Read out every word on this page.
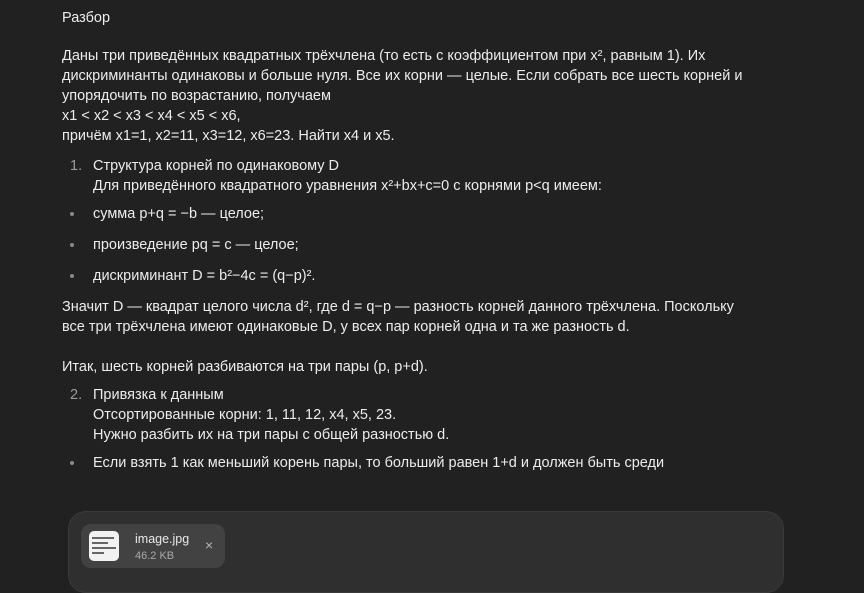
Разбор
Даны три приведённых квадратных трёхчлена (то есть с коэффициентом при x², равным 1). Их
дискриминанты одинаковы и больше нуля. Все их корни — целые. Если собрать все шесть корней и
упорядочить по возрастанию, получаем
x1 < x2 < x3 < x4 < x5 < x6,
причём x1=1, x2=11, x3=12, x6=23. Найти x4 и x5.
1. Структура корней по одинаковому D
Для приведённого квадратного уравнения x²+bx+c=0 с корнями p<q имеем:
сумма p+q = −b — целое;
произведение pq = c — целое;
дискриминант D = b²−4c = (q−p)².
Значит D — квадрат целого числа d², где d = q−p — разность корней данного трёхчлена. Поскольку
все три трёхчлена имеют одинаковые D, у всех пар корней одна и та же разность d.
Итак, шесть корней разбиваются на три пары (p, p+d).
2. Привязка к данным
Отсортированные корни: 1, 11, 12, x4, x5, 23.
Нужно разбить их на три пары с общей разностью d.
Если взять 1 как меньший корень пары, то больший равен 1+d и должен быть среди
image.jpg
46.2 KB
×
